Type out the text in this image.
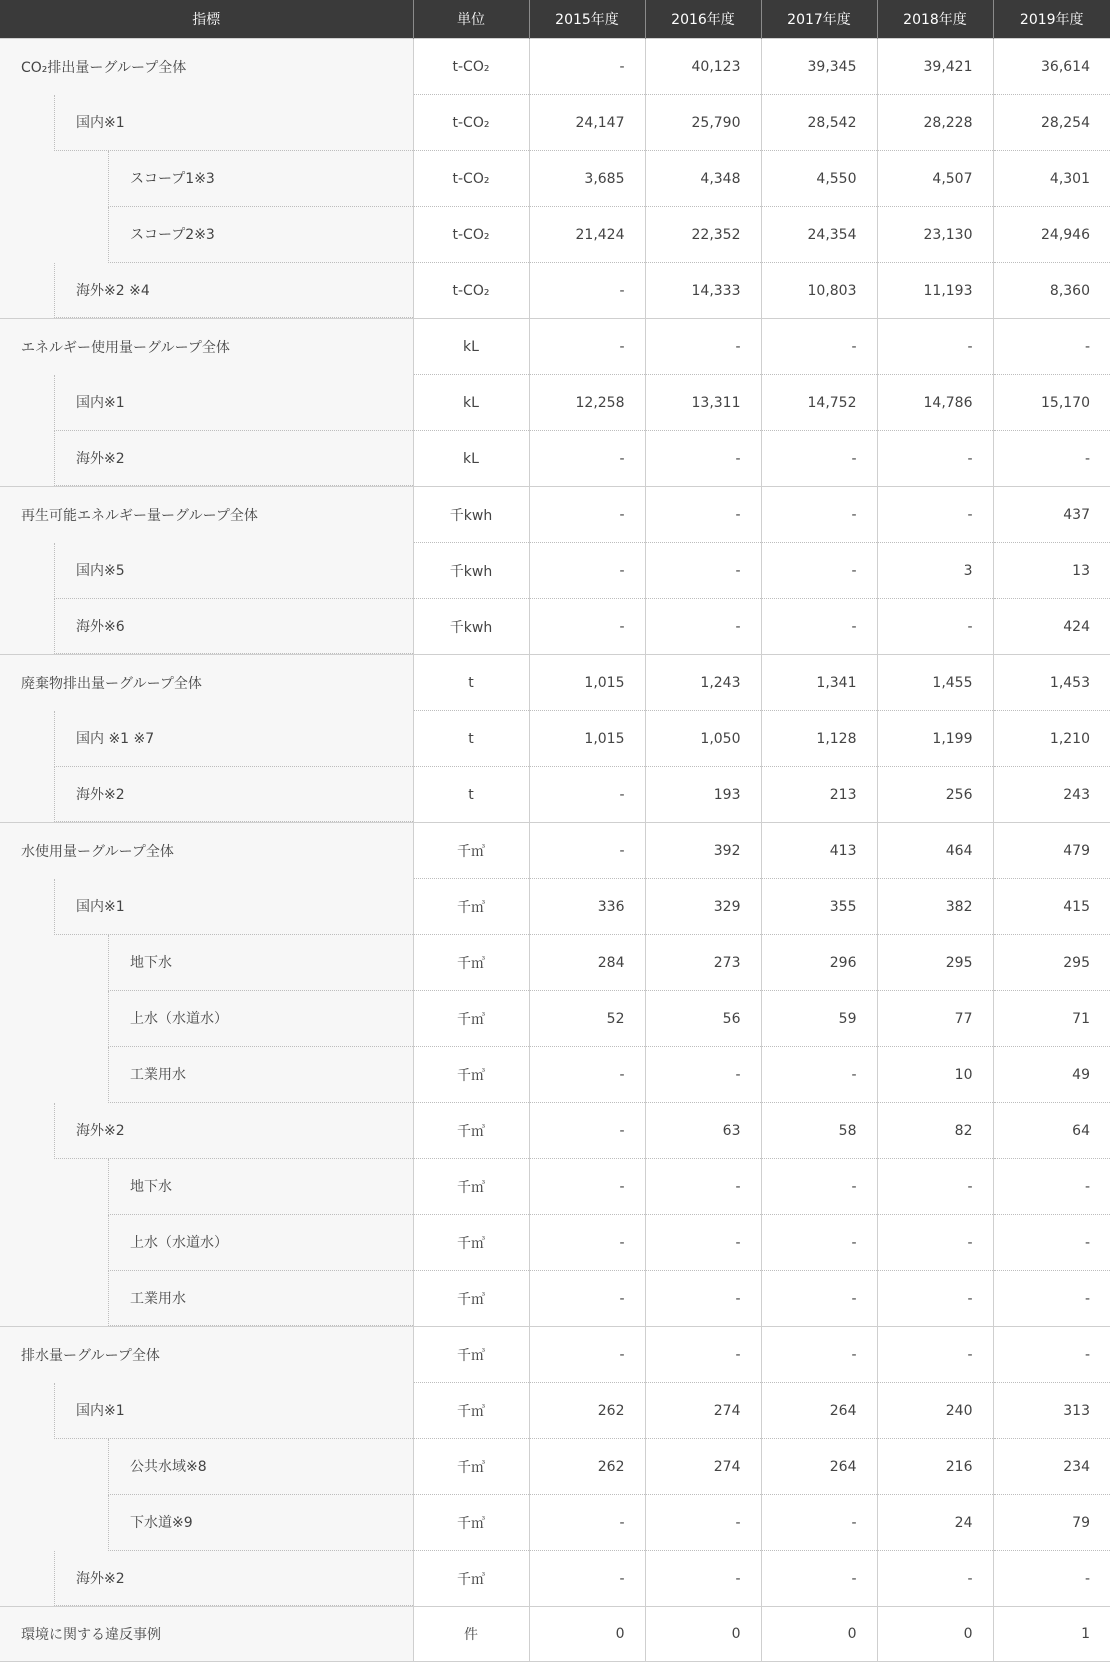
指標	単位	2015年度	2016年度	2017年度	2018年度	2019年度

CO₂排出量ーグループ全体	t-CO₂	-	40,123	39,345	39,421	36,614

国内※1	t-CO₂	24,147	25,790	28,542	28,228	28,254

スコープ1※3	t-CO₂	3,685	4,348	4,550	4,507	4,301

スコープ2※3	t-CO₂	21,424	22,352	24,354	23,130	24,946

海外※2 ※4	t-CO₂	-	14,333	10,803	11,193	8,360

エネルギー使用量ーグループ全体	kL	-	-	-	-	-

国内※1	kL	12,258	13,311	14,752	14,786	15,170

海外※2	kL	-	-	-	-	-

再生可能エネルギー量ーグループ全体	千kwh	-	-	-	-	437

国内※5	千kwh	-	-	-	3	13

海外※6	千kwh	-	-	-	-	424

廃棄物排出量ーグループ全体	t	1,015	1,243	1,341	1,455	1,453

国内 ※1 ※7	t	1,015	1,050	1,128	1,199	1,210

海外※2	t	-	193	213	256	243

水使用量ーグループ全体	千㎥	-	392	413	464	479

国内※1	千㎥	336	329	355	382	415

地下水	千㎥	284	273	296	295	295

上水（水道水）	千㎥	52	56	59	77	71

工業用水	千㎥	-	-	-	10	49

海外※2	千㎥	-	63	58	82	64

地下水	千㎥	-	-	-	-	-

上水（水道水）	千㎥	-	-	-	-	-

工業用水	千㎥	-	-	-	-	-

排水量ーグループ全体	千㎥	-	-	-	-	-

国内※1	千㎥	262	274	264	240	313

公共水域※8	千㎥	262	274	264	216	234

下水道※9	千㎥	-	-	-	24	79

海外※2	千㎥	-	-	-	-	-

環境に関する違反事例	件	0	0	0	0	1
